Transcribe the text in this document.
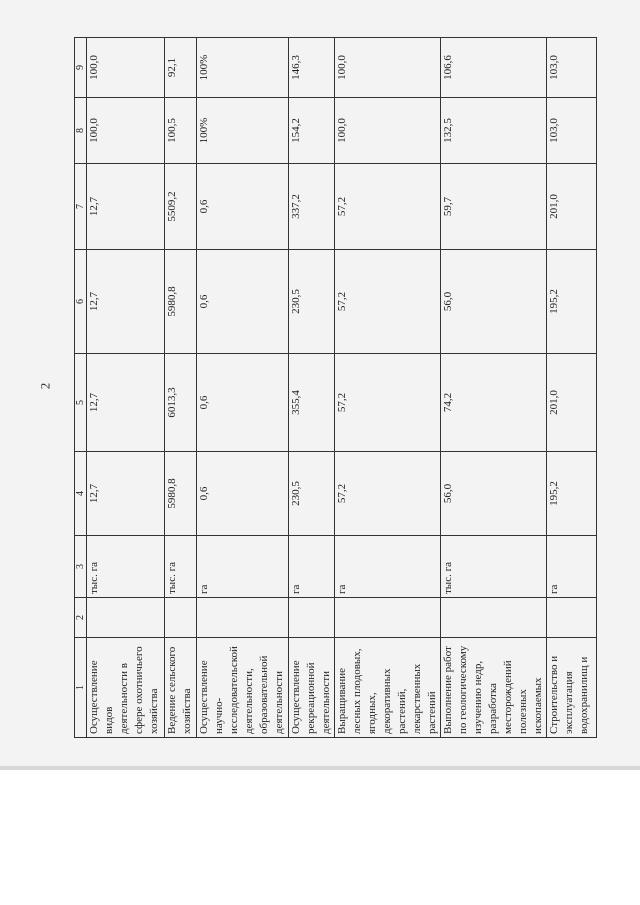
2
1	2	3	4	5	6	7	8	9
Осуществление видов деятельности в сфере охотничьего хозяйства		тыс. га	12,7	12,7	12,7	12,7	100,0	100,0
Ведение сельского хозяйства		тыс. га	5980,8	6013,3	5980,8	5509,2	100,5	92,1
Осуществление научно-исследовательской деятельности, образовательной деятельности		га	0,6	0,6	0,6	0,6	100%	100%
Осуществление рекреационной деятельности		га	230,5	355,4	230,5	337,2	154,2	146,3
Выращивание лесных плодовых, ягодных, декоративных растений, лекарственных растений		га	57,2	57,2	57,2	57,2	100,0	100,0
Выполнение работ по геологическому изучению недр, разработка месторождений полезных ископаемых		тыс. га	56,0	74,2	56,0	59,7	132,5	106,6
Строительство и эксплуатация водохранилищ и		га	195,2	201,0	195,2	201,0	103,0	103,0
